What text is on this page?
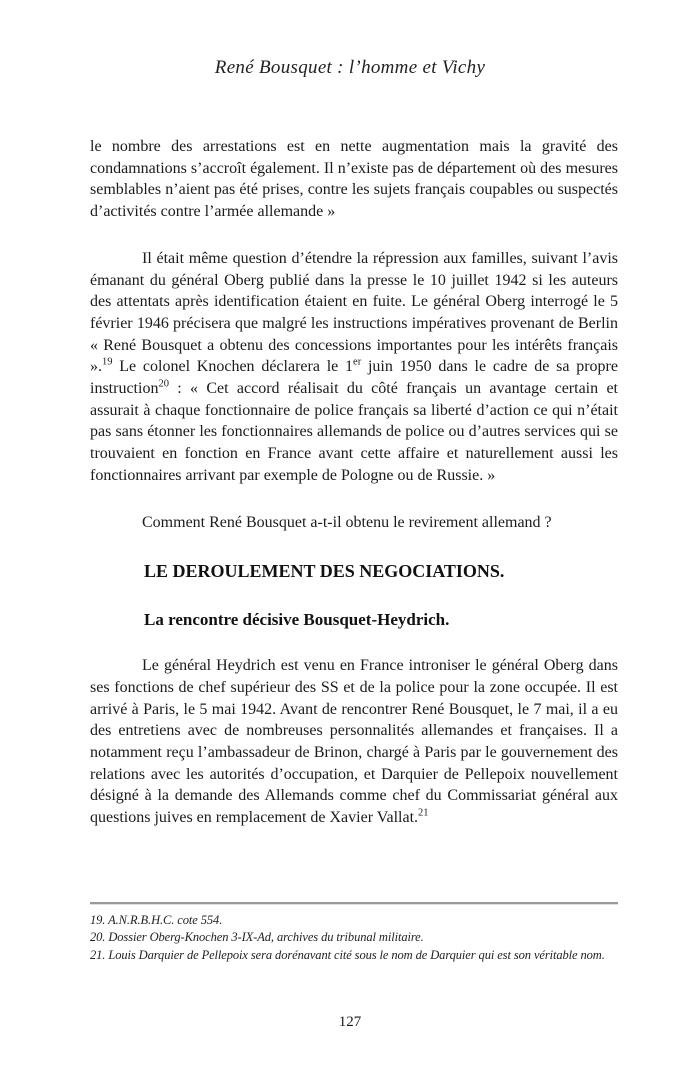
René Bousquet : l’homme et Vichy

le nombre des arrestations est en nette augmentation mais la gravité des condamnations s’accroît également. Il n’existe pas de département où des mesures semblables n’aient pas été prises, contre les sujets français coupables ou suspectés d’activités contre l’armée allemande »

Il était même question d’étendre la répression aux familles, suivant l’avis émanant du général Oberg publié dans la presse le 10 juillet 1942 si les auteurs des attentats après identification étaient en fuite. Le général Oberg interrogé le 5 février 1946 précisera que malgré les instructions impératives provenant de Berlin « René Bousquet a obtenu des concessions importantes pour les intérêts français ».$^{19}$ Le colonel Knochen déclarera le 1er juin 1950 dans le cadre de sa propre instruction$^{20}$ : « Cet accord réalisait du côté français un avantage certain et assurait à chaque fonctionnaire de police français sa liberté d’action ce qui n’était pas sans étonner les fonctionnaires allemands de police ou d’autres services qui se trouvaient en fonction en France avant cette affaire et naturellement aussi les fonctionnaires arrivant par exemple de Pologne ou de Russie. »

Comment René Bousquet a-t-il obtenu le revirement allemand ?

LE DEROULEMENT DES NEGOCIATIONS.
La rencontre décisive Bousquet-Heydrich.

Le général Heydrich est venu en France introniser le général Oberg dans ses fonctions de chef supérieur des SS et de la police pour la zone occupée. Il est arrivé à Paris, le 5 mai 1942. Avant de rencontrer René Bousquet, le 7 mai, il a eu des entretiens avec de nombreuses personnalités allemandes et françaises. Il a notamment reçu l’ambassadeur de Brinon, chargé à Paris par le gouvernement des relations avec les autorités d’occupation, et Darquier de Pellepoix nouvellement désigné à la demande des Allemands comme chef du Commissariat général aux questions juives en remplacement de Xavier Vallat.$^{21}$

19. A.N.R.B.H.C. cote 554.
20. Dossier Oberg-Knochen 3-IX-Ad, archives du tribunal militaire.
21. Louis Darquier de Pellepoix sera dorénavant cité sous le nom de Darquier qui est son véritable nom.
127
